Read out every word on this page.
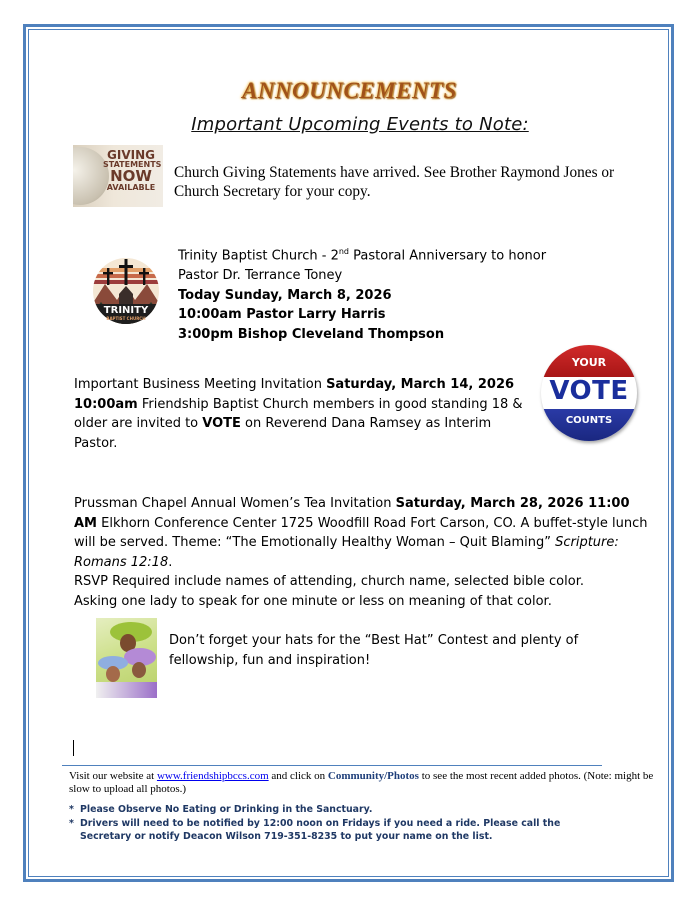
ANNOUNCEMENTS
Important Upcoming Events to Note:
GIVING
STATEMENTS
NOW
AVAILABLE
Church Giving Statements have arrived. See Brother Raymond Jones or Church Secretary for your copy.
TRINITY
BAPTIST CHURCH
Trinity Baptist Church - 2nd Pastoral Anniversary to honor
Pastor Dr. Terrance Toney
Today Sunday, March 8, 2026
10:00am Pastor Larry Harris
3:00pm Bishop Cleveland Thompson
YOUR
VOTE
COUNTS
Important Business Meeting Invitation Saturday, March 14, 2026 10:00am Friendship Baptist Church members in good standing 18 & older are invited to VOTE on Reverend Dana Ramsey as Interim Pastor.
Prussman Chapel Annual Women’s Tea Invitation Saturday, March 28, 2026 11:00 AM Elkhorn Conference Center 1725 Woodfill Road Fort Carson, CO. A buffet-style lunch will be served. Theme: “The Emotionally Healthy Woman – Quit Blaming” Scripture: Romans 12:18.
RSVP Required include names of attending, church name, selected bible color.
Asking one lady to speak for one minute or less on meaning of that color.
Don’t forget your hats for the “Best Hat” Contest and plenty of fellowship, fun and inspiration!
Visit our website at www.friendshipbccs.com and click on Community/Photos to see the most recent added photos. (Note: might be slow to upload all photos.)
* Please Observe No Eating or Drinking in the Sanctuary.
* Drivers will need to be notified by 12:00 noon on Fridays if you need a ride. Please call the Secretary or notify Deacon Wilson 719-351-8235 to put your name on the list.
